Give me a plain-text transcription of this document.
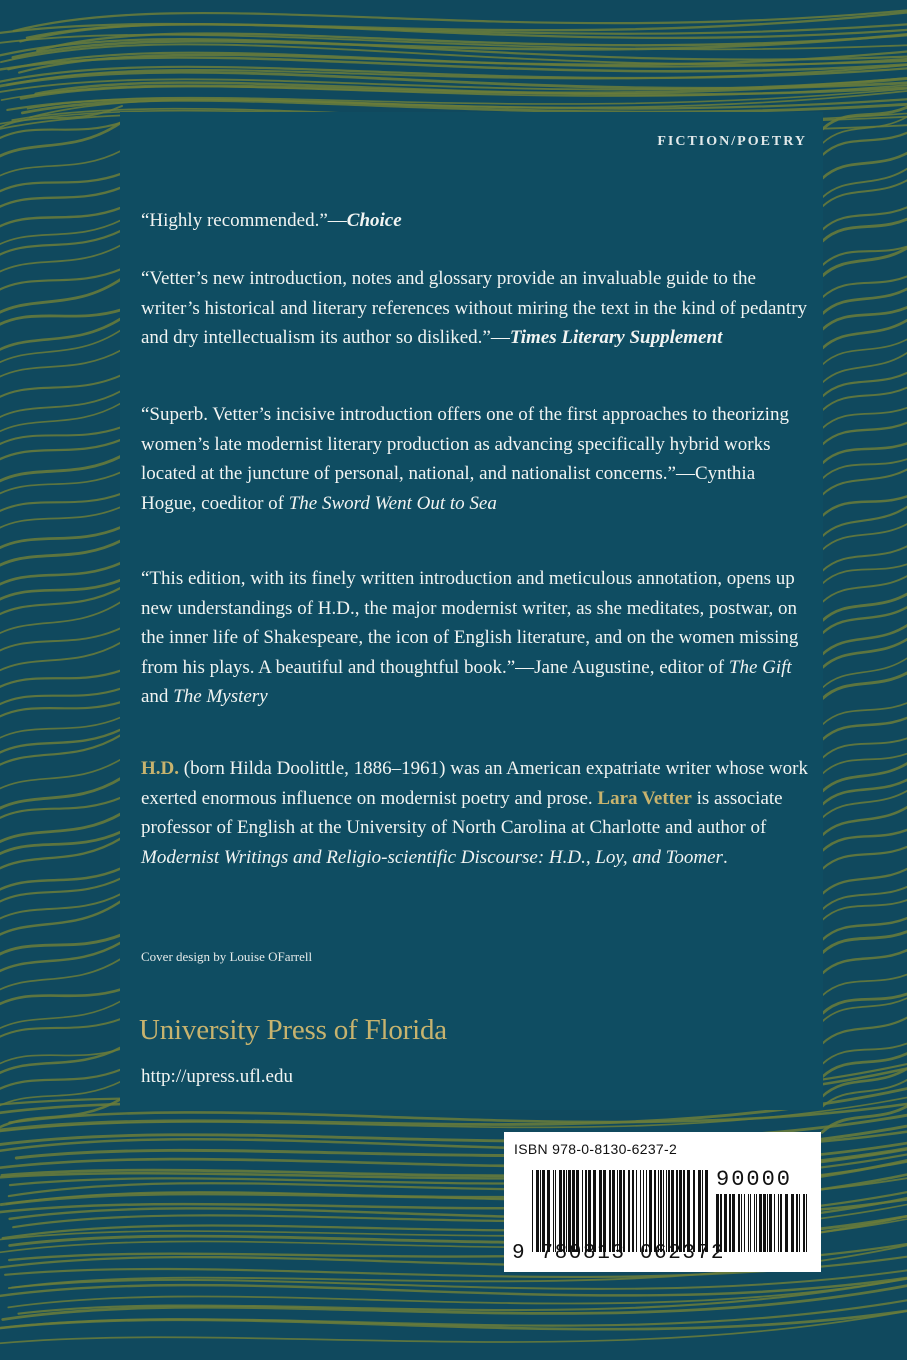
FICTION/POETRY
“Highly recommended.”—Choice
“Vetter’s new introduction, notes and glossary provide an invaluable guide to the writer’s historical and literary references without miring the text in the kind of pedantry and dry intellectualism its author so disliked.”—Times Literary Supplement
“Superb. Vetter’s incisive introduction offers one of the first approaches to theorizing women’s late modernist literary production as advancing specifically hybrid works located at the juncture of personal, national, and nationalist concerns.”—Cynthia Hogue, coeditor of The Sword Went Out to Sea
“This edition, with its finely written introduction and meticulous annotation, opens up new understandings of H.D., the major modernist writer, as she meditates, postwar, on the inner life of Shakespeare, the icon of English literature, and on the women missing from his plays. A beautiful and thoughtful book.”—Jane Augustine, editor of The Gift and The Mystery
H.D. (born Hilda Doolittle, 1886–1961) was an American expatriate writer whose work exerted enormous influence on modernist poetry and prose. Lara Vetter is associate professor of English at the University of North Carolina at Charlotte and author of Modernist Writings and Religio-scientific Discourse: H.D., Loy, and Toomer.
Cover design by Louise OFarrell
University Press of Florida
http://upress.ufl.edu
ISBN 978-0-8130-6237-2
90000
9 780813 062372
